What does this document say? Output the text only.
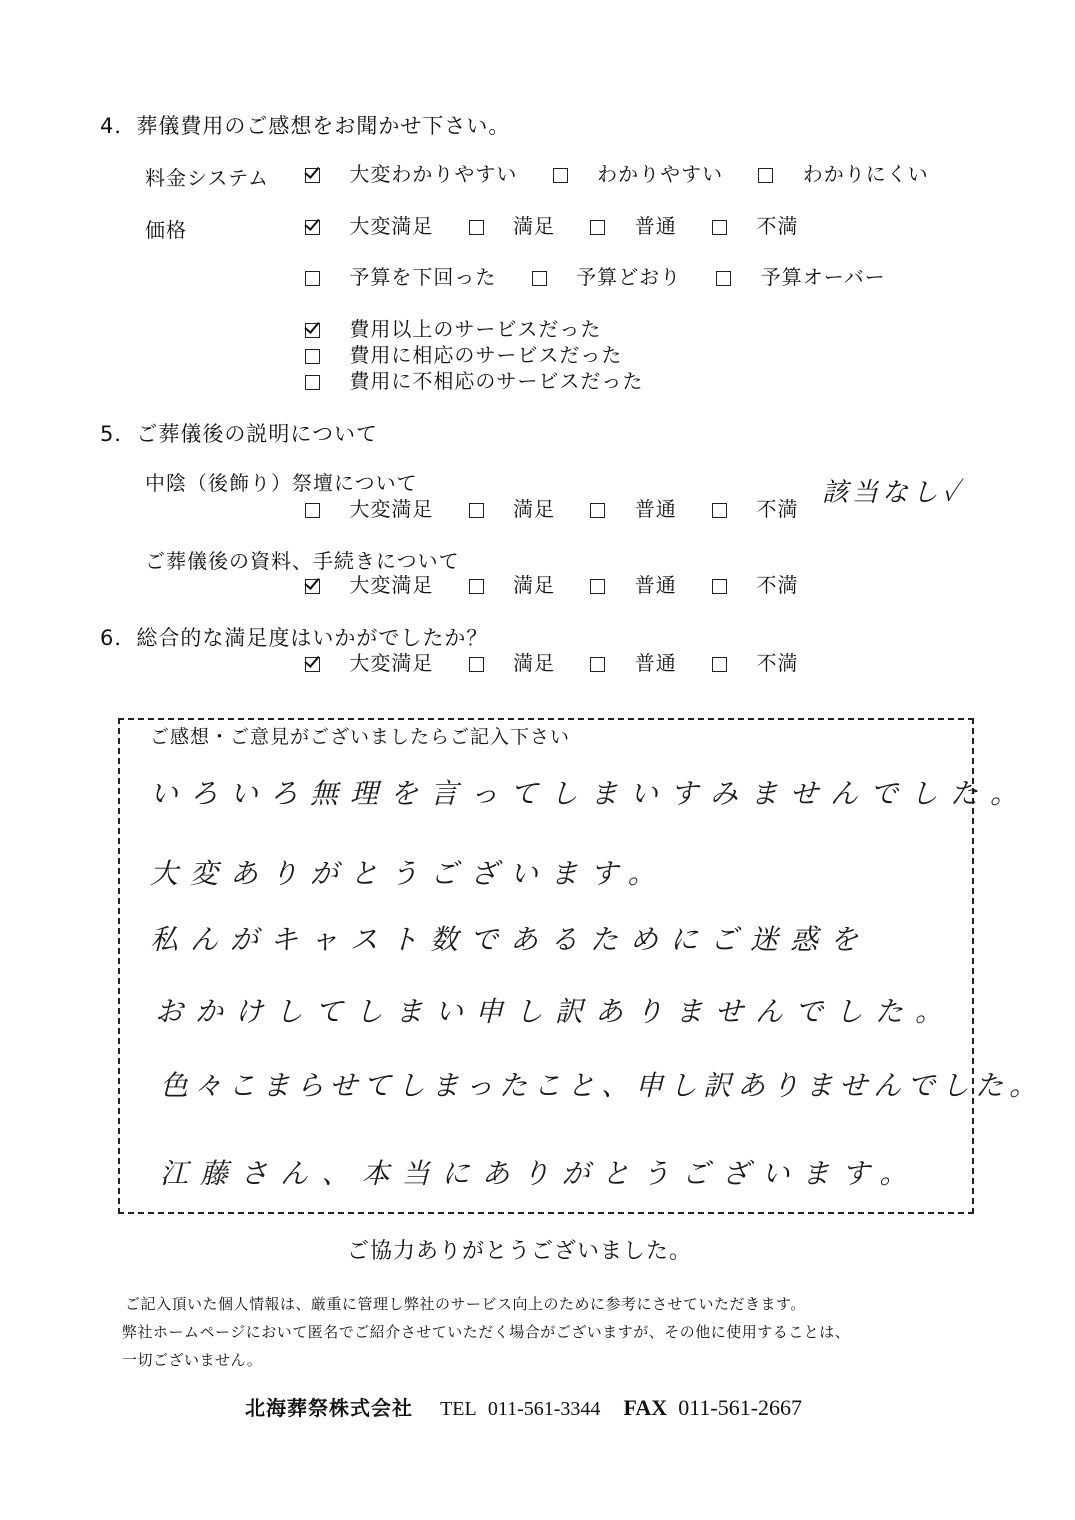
4．葬儀費用のご感想をお聞かせ下さい。
料金システム	大変わかりやすい	わかりやすい	わかりにくい
価格	大変満足	満足	普通	不満
予算を下回った	予算どおり	予算オーバー
費用以上のサービスだった
費用に相応のサービスだった
費用に不相応のサービスだった
5．ご葬儀後の説明について
中陰（後飾り）祭壇について
大変満足	満足	普通	不満
該当なし✓
ご葬儀後の資料、手続きについて
大変満足	満足	普通	不満
6．総合的な満足度はいかがでしたか？
大変満足	満足	普通	不満
ご感想・ご意見がございましたらご記入下さい
いろいろ無理を言ってしまいすみませんでした。
大変ありがとうございます。
私んがキャスト数であるためにご迷惑を
おかけしてしまい申し訳ありませんでした。
色々こまらせてしまったこと、申し訳ありませんでした。
江藤さん、本当にありがとうございます。
ご協力ありがとうございました。
ご記入頂いた個人情報は、厳重に管理し弊社のサービス向上のために参考にさせていただきます。
弊社ホームページにおいて匿名でご紹介させていただく場合がございますが、その他に使用することは、
一切ございません。
北海葬祭株式会社 TEL 011-561-3344 FAX 011-561-2667
